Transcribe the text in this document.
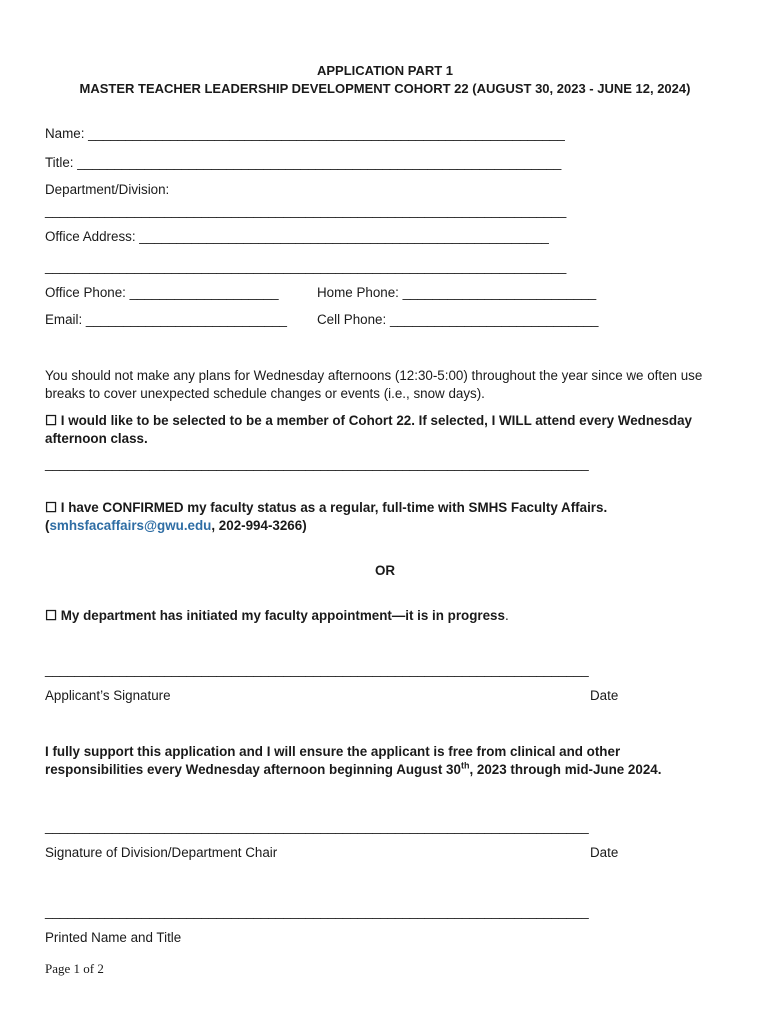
APPLICATION PART 1
MASTER TEACHER LEADERSHIP DEVELOPMENT COHORT 22 (AUGUST 30, 2023 - JUNE 12, 2024)
Name: ________________________________________________________________
Title: _________________________________________________________________
Department/Division:
______________________________________________________________________
Office Address: _______________________________________________________
______________________________________________________________________
Office Phone: ____________________	Home Phone: __________________________
Email: ___________________________ Cell Phone: ____________________________
You should not make any plans for Wednesday afternoons (12:30-5:00) throughout the year since we often use breaks to cover unexpected schedule changes or events (i.e., snow days).
☐ I would like to be selected to be a member of Cohort 22. If selected, I WILL attend every Wednesday
afternoon class.
_________________________________________________________________________
☐ I have CONFIRMED my faculty status as a regular, full-time with SMHS Faculty Affairs.
(smhsfacaffairs@gwu.edu, 202-994-3266)
OR
☐ My department has initiated my faculty appointment—it is in progress.
_________________________________________________________________________
Applicant’s Signature	Date
I fully support this application and I will ensure the applicant is free from clinical and other
responsibilities every Wednesday afternoon beginning August 30th, 2023 through mid-June 2024.
_________________________________________________________________________
Signature of Division/Department Chair	Date
_________________________________________________________________________
Printed Name and Title
Page 1 of 2
